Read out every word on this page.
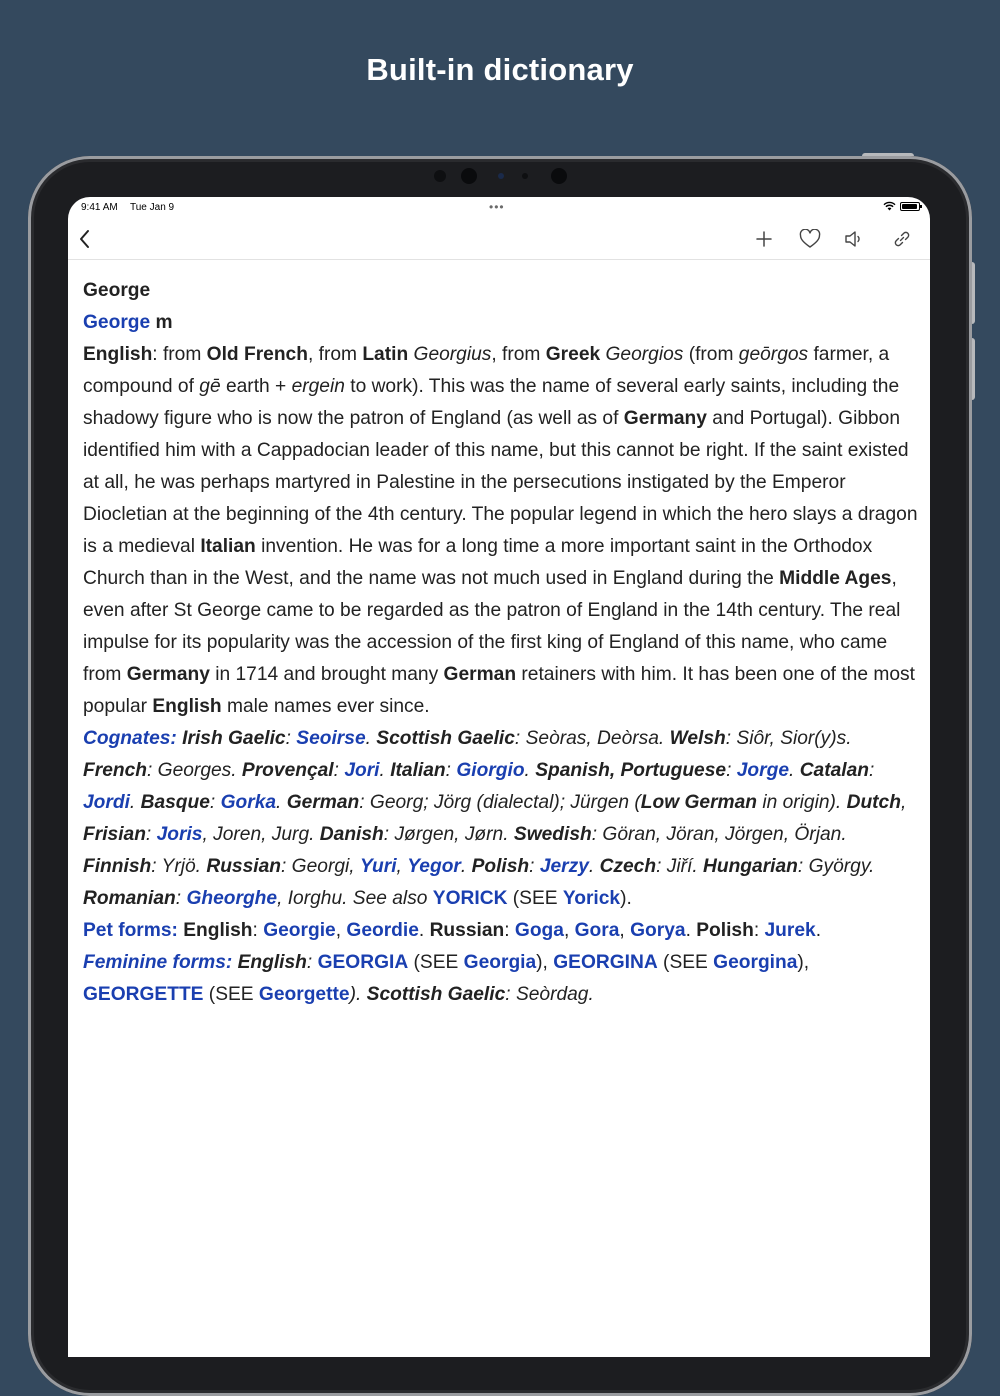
Built-in dictionary
9:41 AM Tue Jan 9	•••

George

George m

English: from Old French, from Latin Georgius, from Greek Georgios (from geōrgos farmer, a compound of gē earth + ergein to work). This was the name of several early saints, including the shadowy figure who is now the patron of England (as well as of Germany and Portugal). Gibbon identified him with a Cappadocian leader of this name, but this cannot be right. If the saint existed at all, he was perhaps martyred in Palestine in the persecutions instigated by the Emperor Diocletian at the beginning of the 4th century. The popular legend in which the hero slays a dragon is a medieval Italian invention. He was for a long time a more important saint in the Orthodox Church than in the West, and the name was not much used in England during the Middle Ages, even after St George came to be regarded as the patron of England in the 14th century. The real impulse for its popularity was the accession of the first king of England of this name, who came from Germany in 1714 and brought many German retainers with him. It has been one of the most popular English male names ever since.

Cognates: Irish Gaelic: Seoirse. Scottish Gaelic: Seòras, Deòrsa. Welsh: Siôr, Sior(y)s. French: Georges. Provençal: Jori. Italian: Giorgio. Spanish, Portuguese: Jorge. Catalan: Jordi. Basque: Gorka. German: Georg; Jörg (dialectal); Jürgen (Low German in origin). Dutch, Frisian: Joris, Joren, Jurg. Danish: Jørgen, Jørn. Swedish: Göran, Jöran, Jörgen, Örjan. Finnish: Yrjö. Russian: Georgi, Yuri, Yegor. Polish: Jerzy. Czech: Jiří. Hungarian: György. Romanian: Gheorghe, Iorghu. See also YORICK (SEE Yorick).

Pet forms: English: Georgie, Geordie. Russian: Goga, Gora, Gorya. Polish: Jurek.

Feminine forms: English: GEORGIA (SEE Georgia), GEORGINA (SEE Georgina), GEORGETTE (SEE Georgette). Scottish Gaelic: Seòrdag.
